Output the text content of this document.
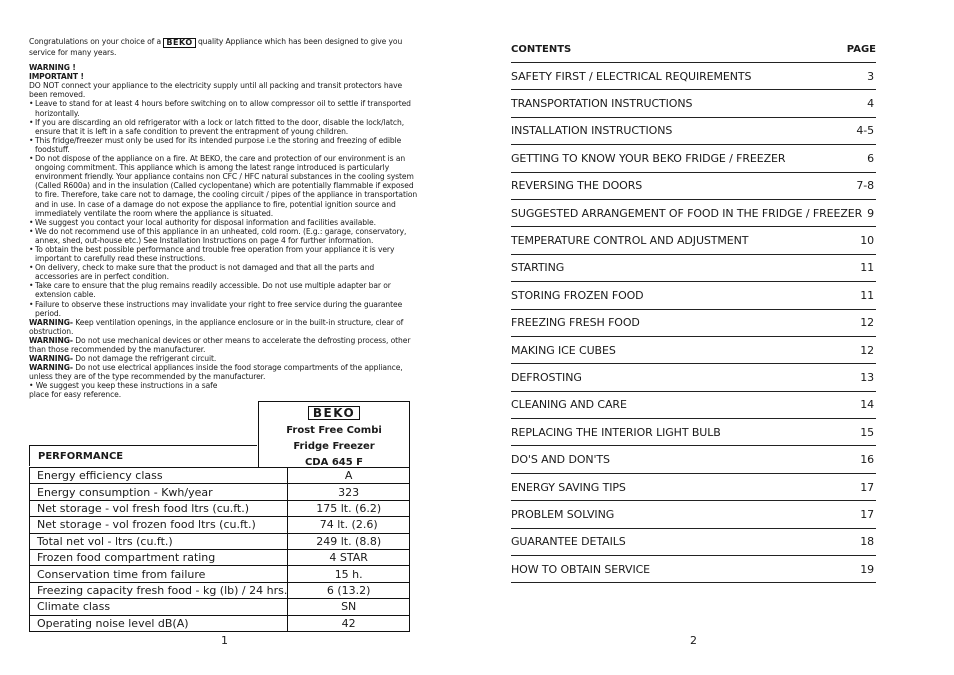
Congratulations on your choice of a BEKO quality Appliance which has been designed to give you service for many years.

WARNING !

IMPORTANT !

DO NOT connect your appliance to the electricity supply until all packing and transit protectors have been removed.

• Leave to stand for at least 4 hours before switching on to allow compressor oil to settle if transported horizontally.
• If you are discarding an old refrigerator with a lock or latch fitted to the door, disable the lock/latch, ensure that it is left in a safe condition to prevent the entrapment of young children.
• This fridge/freezer must only be used for its intended purpose i.e the storing and freezing of edible foodstuff.
• Do not dispose of the appliance on a fire. At BEKO, the care and protection of our environment is an ongoing commitment. This appliance which is among the latest range introduced is particularly environment friendly. Your appliance contains non CFC / HFC natural substances in the cooling system (Called R600a) and in the insulation (Called cyclopentane) which are potentially flammable if exposed to fire. Therefore, take care not to damage, the cooling circuit / pipes of the appliance in transportation and in use. In case of a damage do not expose the appliance to fire, potential ignition source and immediately ventilate the room where the appliance is situated.
• We suggest you contact your local authority for disposal information and facilities available.
• We do not recommend use of this appliance in an unheated, cold room. (E.g.: garage, conservatory, annex, shed, out-house etc.) See Installation Instructions on page 4 for further information.
• To obtain the best possible performance and trouble free operation from your appliance it is very important to carefully read these instructions.
• On delivery, check to make sure that the product is not damaged and that all the parts and accessories are in perfect condition.
• Take care to ensure that the plug remains readily accessible. Do not use multiple adapter bar or extension cable.
• Failure to observe these instructions may invalidate your right to free service during the guarantee period.

WARNING- Keep ventilation openings, in the appliance enclosure or in the built-in structure, clear of obstruction.

WARNING- Do not use mechanical devices or other means to accelerate the defrosting process, other than those recommended by the manufacturer.

WARNING- Do not damage the refrigerant circuit.

WARNING- Do not use electrical appliances inside the food storage compartments of the appliance, unless they are of the type recommended by the manufacturer.

• We suggest you keep these instructions in a safe place for easy reference.

BEKO
Frost Free Combi
Fridge Freezer
CDA 645 F
PERFORMANCE
Energy efficiency class	A
Energy consumption - Kwh/year	323
Net storage - vol fresh food ltrs (cu.ft.)	175 lt. (6.2)
Net storage - vol frozen food ltrs (cu.ft.)	74 lt. (2.6)
Total net vol - ltrs (cu.ft.)	249 lt. (8.8)
Frozen food compartment rating	4 STAR
Conservation time from failure	15 h.
Freezing capacity fresh food - kg (lb) / 24 hrs.	6 (13.2)
Climate class	SN
Operating noise level dB(A)	42
1
CONTENTS	PAGE
SAFETY FIRST / ELECTRICAL REQUIREMENTS	3
TRANSPORTATION INSTRUCTIONS	4
INSTALLATION INSTRUCTIONS	4-5
GETTING TO KNOW YOUR BEKO FRIDGE / FREEZER	6
REVERSING THE DOORS	7-8
SUGGESTED ARRANGEMENT OF FOOD IN THE FRIDGE / FREEZER 9
TEMPERATURE CONTROL AND ADJUSTMENT	10
STARTING	11
STORING FROZEN FOOD	11
FREEZING FRESH FOOD	12
MAKING ICE CUBES	12
DEFROSTING	13
CLEANING AND CARE	14
REPLACING THE INTERIOR LIGHT BULB	15
DO'S AND DON'TS	16
ENERGY SAVING TIPS	17
PROBLEM SOLVING	17
GUARANTEE DETAILS	18
HOW TO OBTAIN SERVICE	19
2
